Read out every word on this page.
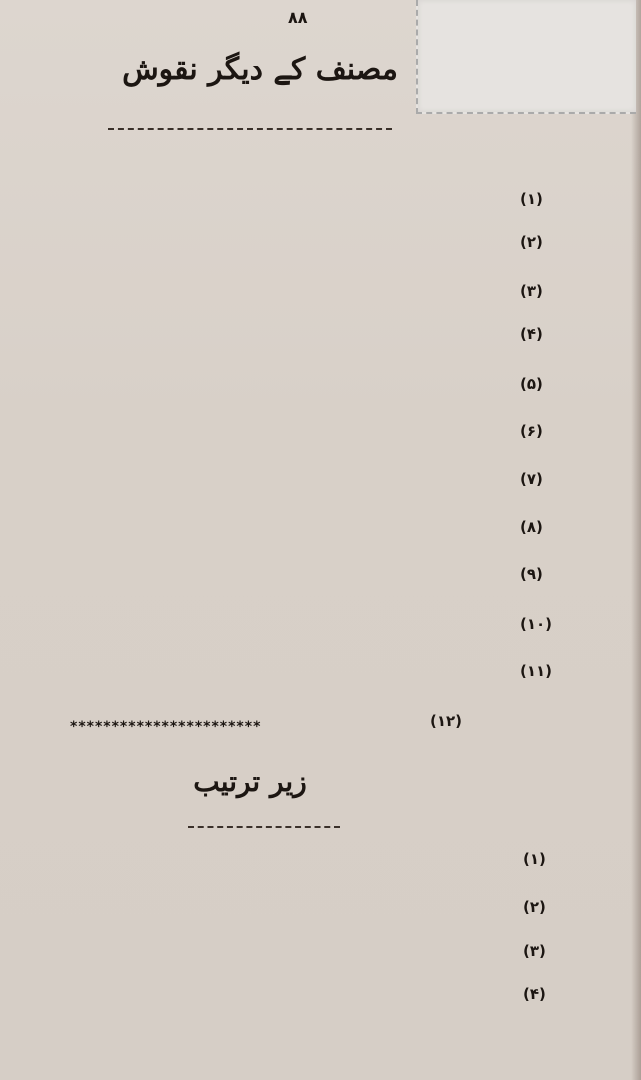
٨٨
مصنف کے دیگر نقوش
(۱)
(۲)
(۳)
(۴)
(۵)
(۶)
(۷)
(۸)
(۹)
(۱۰)
(۱۱)
(۱۲)
***********************
زیر ترتیب
(۱)
(۲)
(۳)
(۴)
